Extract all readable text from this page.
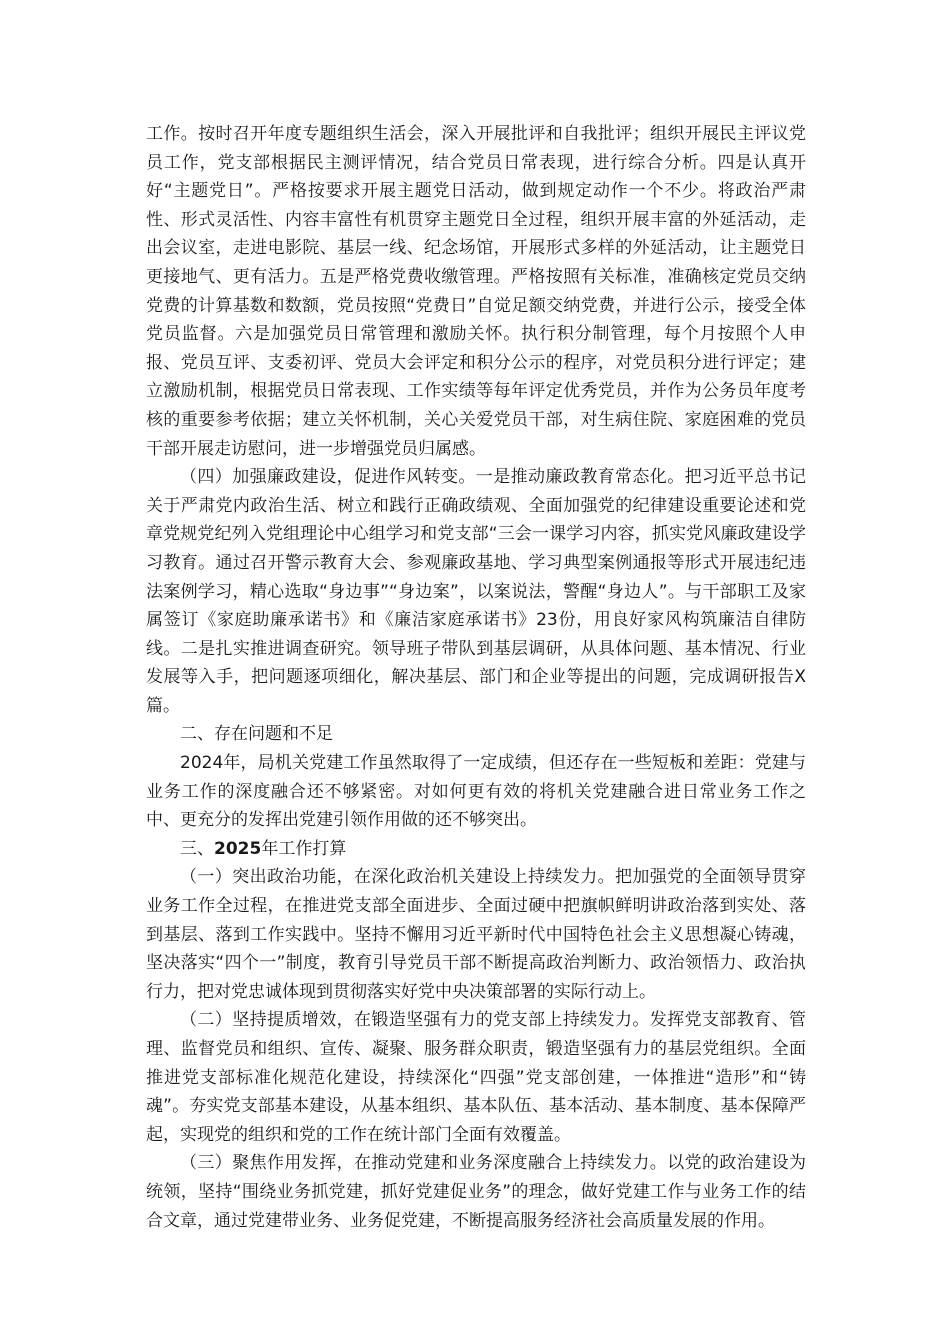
工作。按时召开年度专题组织生活会，深入开展批评和自我批评；组织开展民主评议党员工作，党支部根据民主测评情况，结合党员日常表现，进行综合分析。四是认真开好“主题党日”。严格按要求开展主题党日活动，做到规定动作一个不少。将政治严肃性、形式灵活性、内容丰富性有机贯穿主题党日全过程，组织开展丰富的外延活动，走出会议室，走进电影院、基层一线、纪念场馆，开展形式多样的外延活动，让主题党日更接地气、更有活力。五是严格党费收缴管理。严格按照有关标准，准确核定党员交纳党费的计算基数和数额，党员按照“党费日”自觉足额交纳党费，并进行公示，接受全体党员监督。六是加强党员日常管理和激励关怀。执行积分制管理，每个月按照个人申报、党员互评、支委初评、党员大会评定和积分公示的程序，对党员积分进行评定；建立激励机制，根据党员日常表现、工作实绩等每年评定优秀党员，并作为公务员年度考核的重要参考依据；建立关怀机制，关心关爱党员干部，对生病住院、家庭困难的党员干部开展走访慰问，进一步增强党员归属感。

（四）加强廉政建设，促进作风转变。一是推动廉政教育常态化。把习近平总书记关于严肃党内政治生活、树立和践行正确政绩观、全面加强党的纪律建设重要论述和党章党规党纪列入党组理论中心组学习和党支部“三会一课学习内容，抓实党风廉政建设学习教育。通过召开警示教育大会、参观廉政基地、学习典型案例通报等形式开展违纪违法案例学习，精心选取“身边事”“身边案”，以案说法，警醒“身边人”。与干部职工及家属签订《家庭助廉承诺书》和《廉洁家庭承诺书》23份，用良好家风构筑廉洁自律防线。二是扎实推进调查研究。领导班子带队到基层调研，从具体问题、基本情况、行业发展等入手，把问题逐项细化，解决基层、部门和企业等提出的问题，完成调研报告X篇。

二、存在问题和不足

2024年，局机关党建工作虽然取得了一定成绩，但还存在一些短板和差距：党建与业务工作的深度融合还不够紧密。对如何更有效的将机关党建融合进日常业务工作之中、更充分的发挥出党建引领作用做的还不够突出。

三、2025年工作打算

（一）突出政治功能，在深化政治机关建设上持续发力。把加强党的全面领导贯穿业务工作全过程，在推进党支部全面进步、全面过硬中把旗帜鲜明讲政治落到实处、落到基层、落到工作实践中。坚持不懈用习近平新时代中国特色社会主义思想凝心铸魂，坚决落实“四个一”制度，教育引导党员干部不断提高政治判断力、政治领悟力、政治执行力，把对党忠诚体现到贯彻落实好党中央决策部署的实际行动上。

（二）坚持提质增效，在锻造坚强有力的党支部上持续发力。发挥党支部教育、管理、监督党员和组织、宣传、凝聚、服务群众职责，锻造坚强有力的基层党组织。全面推进党支部标准化规范化建设，持续深化“四强”党支部创建，一体推进“造形”和“铸魂”。夯实党支部基本建设，从基本组织、基本队伍、基本活动、基本制度、基本保障严起，实现党的组织和党的工作在统计部门全面有效覆盖。

（三）聚焦作用发挥，在推动党建和业务深度融合上持续发力。以党的政治建设为统领，坚持“围绕业务抓党建，抓好党建促业务”的理念，做好党建工作与业务工作的结合文章，通过党建带业务、业务促党建，不断提高服务经济社会高质量发展的作用。
